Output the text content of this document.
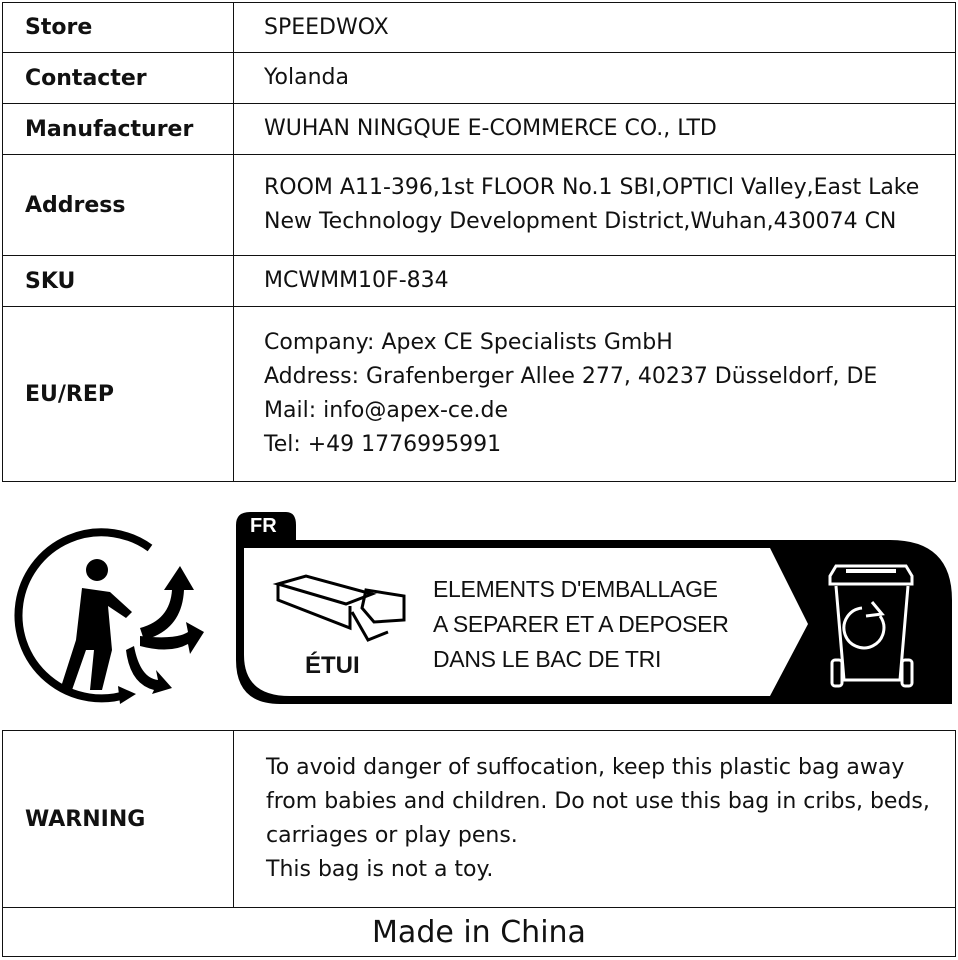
Store	SPEEDWOX

Contacter	Yolanda

Manufacturer	WUHAN NINGQUE E-COMMERCE CO., LTD

Address	ROOM A11-396,1st FLOOR No.1 SBI,OPTICl Valley,East Lake
New Technology Development District,Wuhan,430074 CN

SKU	MCWMM10F-834

EU/REP	Company: Apex CE Specialists GmbH
Address: Grafenberger Allee 277, 40237 Düsseldorf, DE
Mail: info@apex-ce.de
Tel: +49 1776995991
FR
ÉTUI
ELEMENTS D'EMBALLAGE
A SEPARER ET A DEPOSER
DANS LE BAC DE TRI
WARNING	
To avoid danger of suffocation, keep this plastic bag away
from babies and children. Do not use this bag in cribs, beds,
carriages or play pens.
This bag is not a toy.

Made in China
